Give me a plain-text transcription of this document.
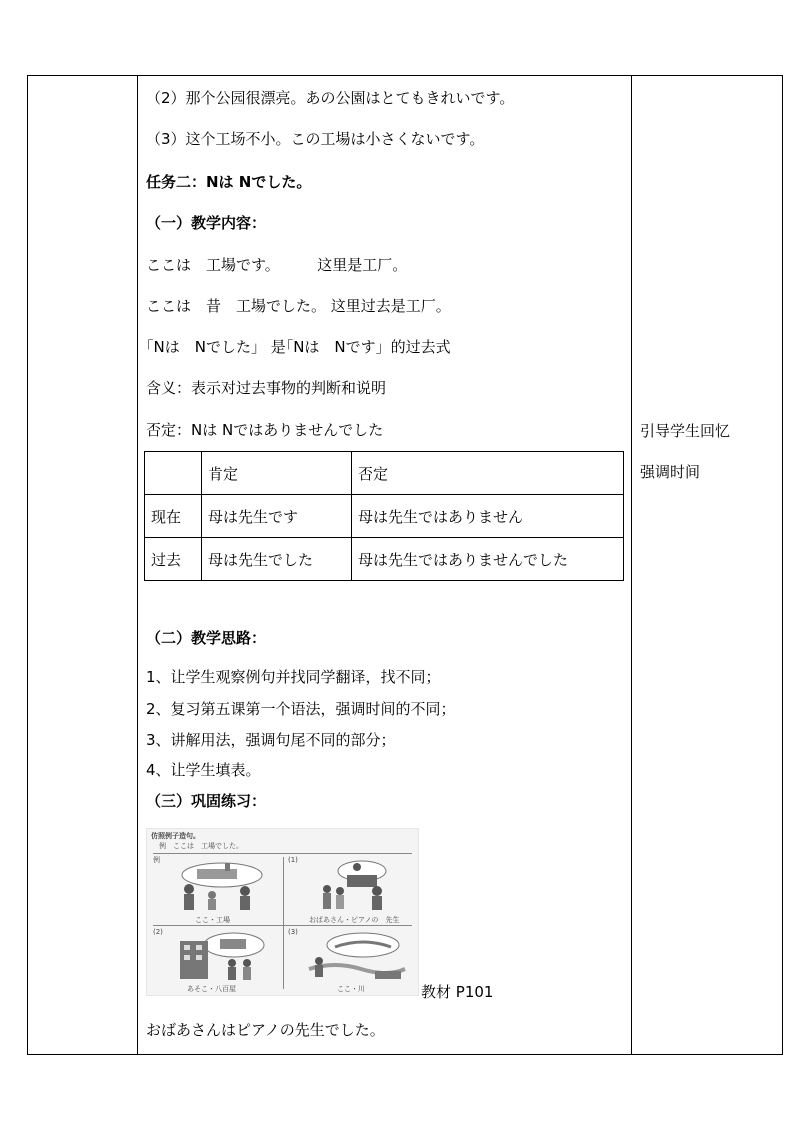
（2）那个公园很漂亮。あの公園はとてもきれいです。
（3）这个工场不小。この工場は小さくないです。
任务二：Nは Nでした。
（一）教学内容：
ここは　工場です。　　　这里是工厂。
ここは　昔　工場でした。 这里过去是工厂。
｢Nは　Nでした」 是｢Nは　Nです」的过去式
含义：表示对过去事物的判断和说明
否定：Nは Nではありませんでした	引导学生回忆
强调时间
	肯定	否定
现在	母は先生です	母は先生ではありません
过去	母は先生でした	母は先生ではありませんでした
（二）教学思路：
1、让学生观察例句并找同学翻译，找不同；
2、复习第五课第一个语法，强调时间的不同；
3、讲解用法，强调句尾不同的部分；
4、让学生填表。
（三）巩固练习：
仿照例子造句。
例　ここは　工場でした。
例	(1)
(2)	(3)
ここ・工場	おばあさん・ピアノの　先生
あそこ・八百屋	ここ・川	教材 P101
おばあさんはピアノの先生でした。
